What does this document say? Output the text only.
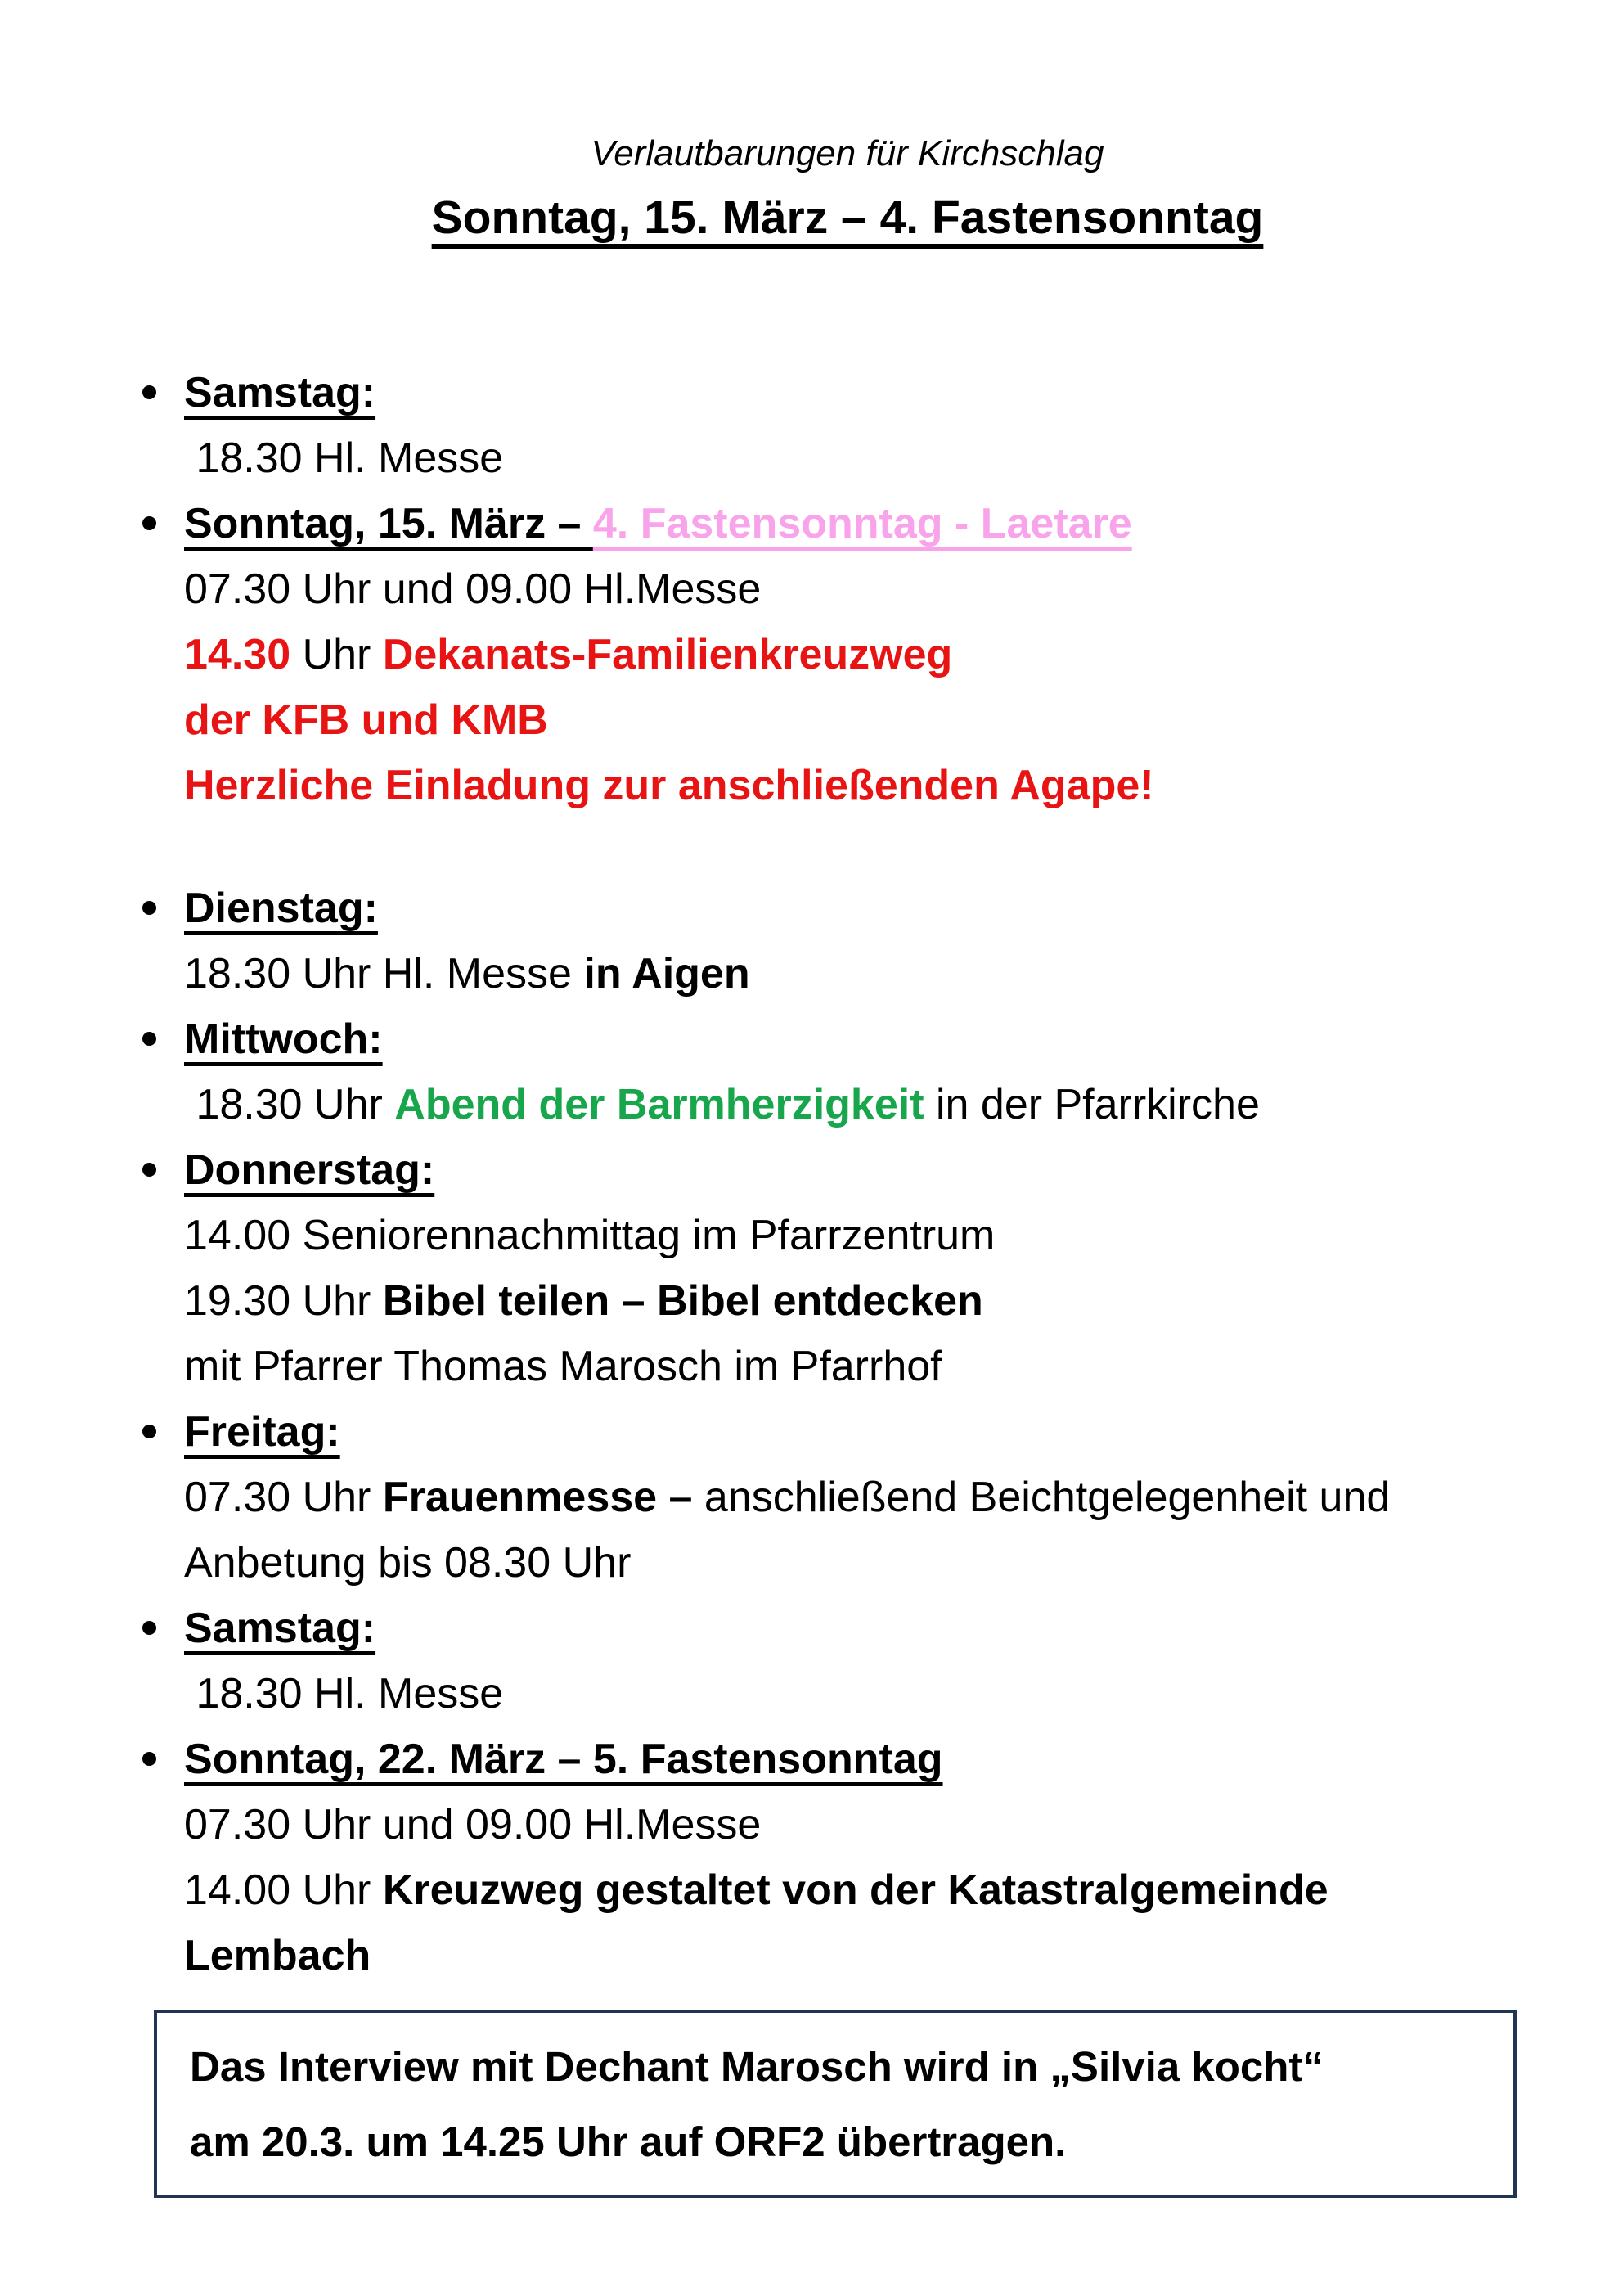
Verlautbarungen für Kirchschlag

Sonntag, 15. März – 4. Fastensonntag
Samstag:
18.30 Hl. Messe
Sonntag, 15. März – 4. Fastensonntag - Laetare
07.30 Uhr und 09.00 Hl.Messe
14.30 Uhr Dekanats-Familienkreuzweg
der KFB und KMB
Herzliche Einladung zur anschließenden Agape!
Dienstag:
18.30 Uhr Hl. Messe in Aigen
Mittwoch:
18.30 Uhr Abend der Barmherzigkeit in der Pfarrkirche
Donnerstag:
14.00 Seniorennachmittag im Pfarrzentrum
19.30 Uhr Bibel teilen – Bibel entdecken
mit Pfarrer Thomas Marosch im Pfarrhof
Freitag:
07.30 Uhr Frauenmesse – anschließend Beichtgelegenheit und
Anbetung bis 08.30 Uhr
Samstag:
18.30 Hl. Messe
Sonntag, 22. März – 5. Fastensonntag
07.30 Uhr und 09.00 Hl.Messe
14.00 Uhr Kreuzweg gestaltet von der Katastralgemeinde
Lembach
Das Interview mit Dechant Marosch wird in „Silvia kocht“
am 20.3. um 14.25 Uhr auf ORF2 übertragen.
